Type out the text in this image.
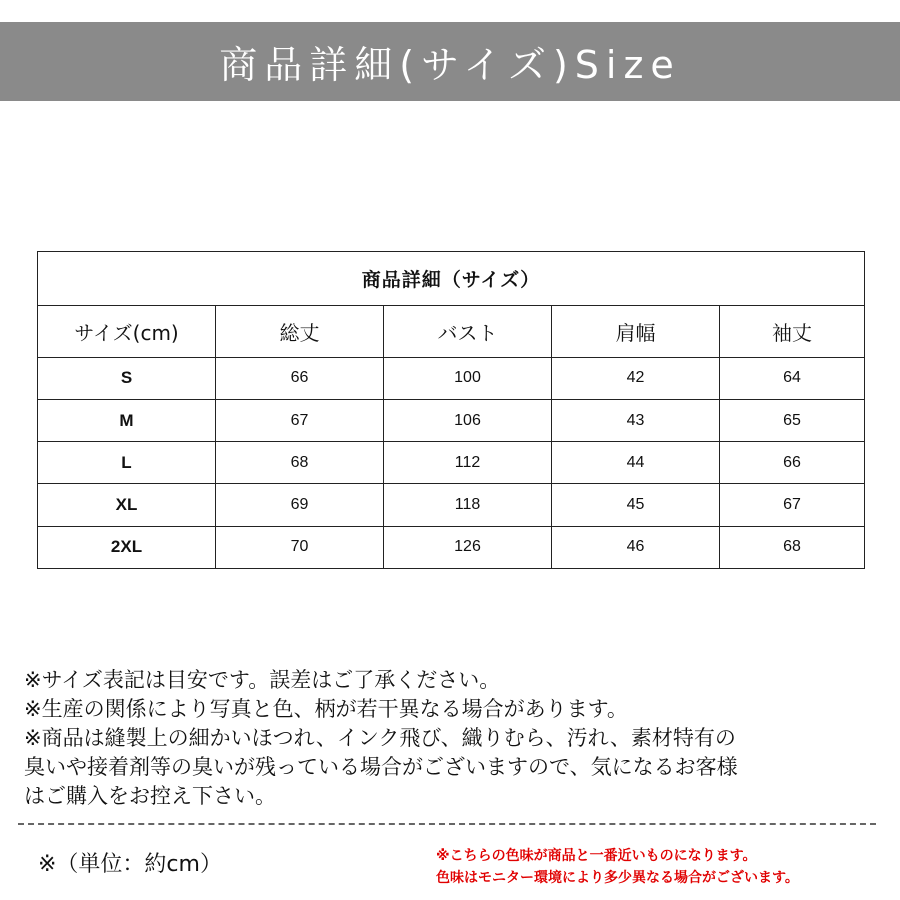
商品詳細(サイズ)Size
商品詳細（サイズ）				
サイズ(cm)	総丈	バスト	肩幅	袖丈
S	66	100	42	64
M	67	106	43	65
L	68	112	44	66
XL	69	118	45	67
2XL	70	126	46	68
※サイズ表記は目安です。誤差はご了承ください。
※生産の関係により写真と色、柄が若干異なる場合があります。
※商品は縫製上の細かいほつれ、インク飛び、織りむら、汚れ、素材特有の
臭いや接着剤等の臭いが残っている場合がございますので、気になるお客様
はご購入をお控え下さい。
※（単位：約cm）	※こちらの色味が商品と一番近いものになります。
色味はモニター環境により多少異なる場合がございます。
